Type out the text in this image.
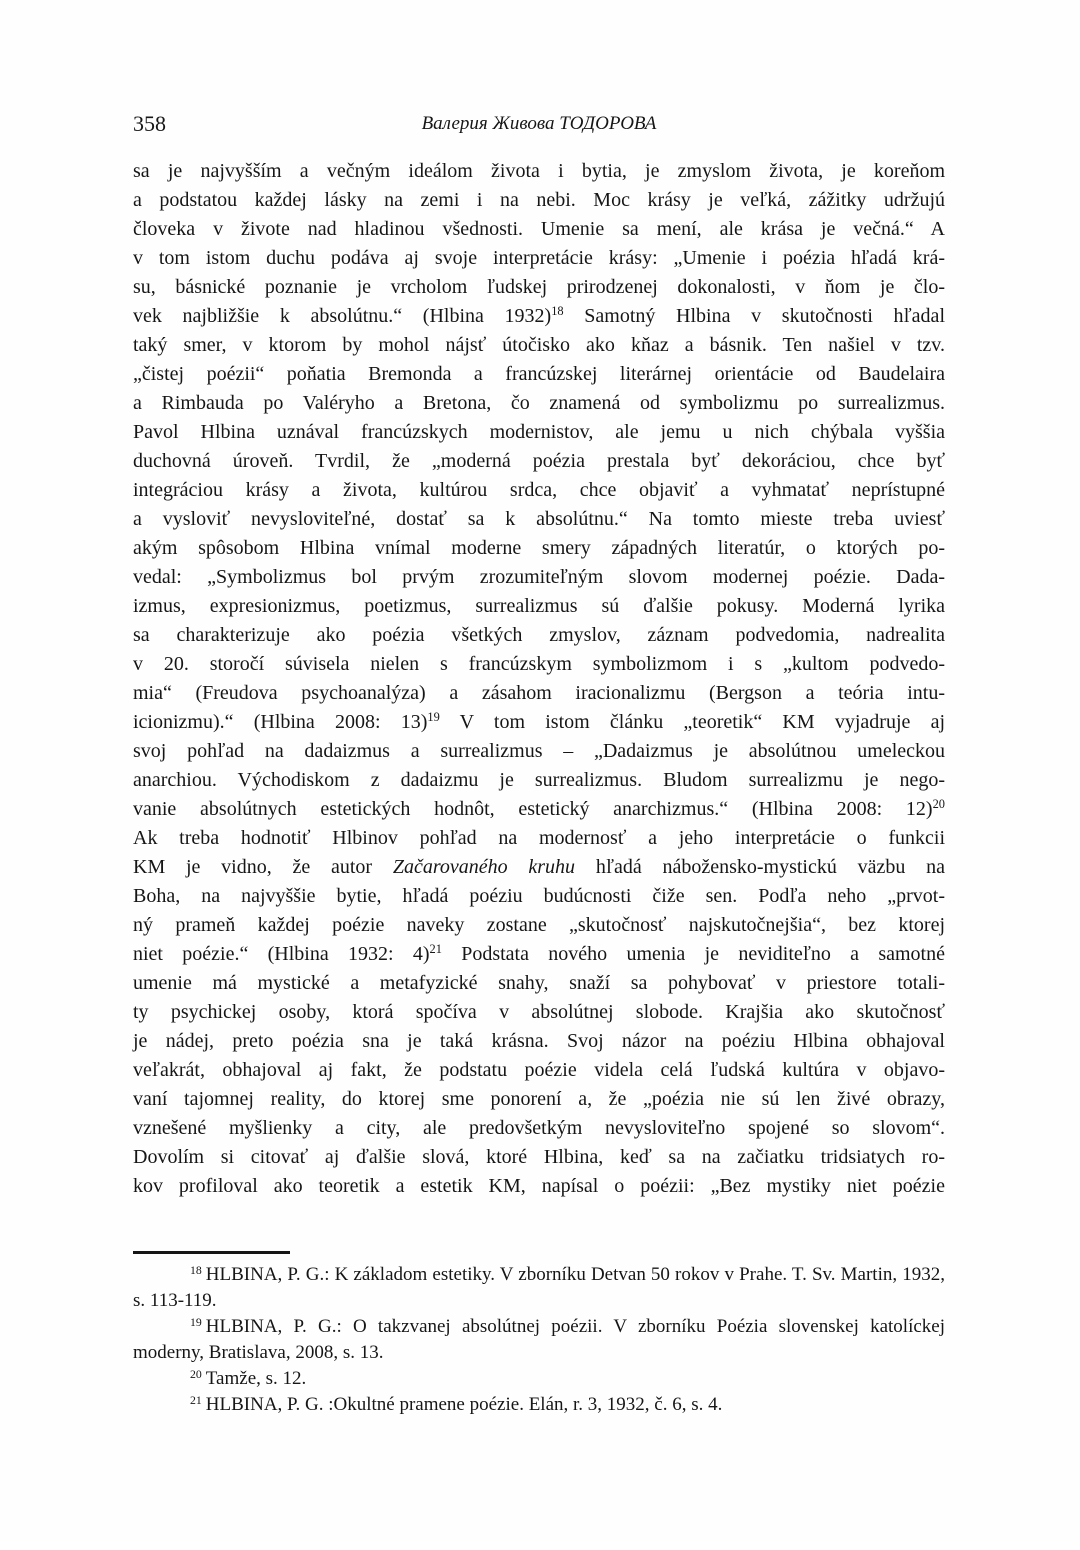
358	Валерия Живова ТОДОРОВА
sa je najvyšším a večným ideálom života i bytia, je zmyslom života, je koreňom
a podstatou každej lásky na zemi i na nebi. Moc krásy je veľká, zážitky udržujú
človeka v živote nad hladinou všednosti. Umenie sa mení, ale krása je večná.“ A
v tom istom duchu podáva aj svoje interpretácie krásy: „Umenie i poézia hľadá krá-
su, básnické poznanie je vrcholom ľudskej prirodzenej dokonalosti, v ňom je člo-
vek najbližšie k absolútnu.“ (Hlbina 1932)$^{18}$ Samotný Hlbina v skutočnosti hľadal
taký smer, v ktorom by mohol nájsť útočisko ako kňaz a básnik. Ten našiel v tzv.
„čistej poézii“ poňatia Bremonda a francúzskej literárnej orientácie od Baudelaira
a Rimbauda po Valéryho a Bretona, čo znamená od symbolizmu po surrealizmus.
Pavol Hlbina uznával francúzskych modernistov, ale jemu u nich chýbala vyššia
duchovná úroveň. Tvrdil, že „moderná poézia prestala byť dekoráciou, chce byť
integráciou krásy a života, kultúrou srdca, chce objaviť a vyhmatať neprístupné
a vysloviť nevysloviteľné, dostať sa k absolútnu.“ Na tomto mieste treba uviesť
akým spôsobom Hlbina vnímal moderne smery západných literatúr, o ktorých po-
vedal: „Symbolizmus bol prvým zrozumiteľným slovom modernej poézie. Dada-
izmus, expresionizmus, poetizmus, surrealizmus sú ďalšie pokusy. Moderná lyrika
sa charakterizuje ako poézia všetkých zmyslov, záznam podvedomia, nadrealita
v 20. storočí súvisela nielen s francúzskym symbolizmom i s „kultom podvedo-
mia“ (Freudova psychoanalýza) a zásahom iracionalizmu (Bergson a teória intu-
icionizmu).“ (Hlbina 2008: 13)$^{19}$ V tom istom článku „teoretik“ KM vyjadruje aj
svoj pohľad na dadaizmus a surrealizmus – „Dadaizmus je absolútnou umeleckou
anarchiou. Východiskom z dadaizmu je surrealizmus. Bludom surrealizmu je nego-
vanie absolútnych estetických hodnôt, estetický anarchizmus.“ (Hlbina 2008: 12)$^{20}$
Ak treba hodnotiť Hlbinov pohľad na modernosť a jeho interpretácie o funkcii
KM je vidno, že autor Začarovaného kruhu hľadá nábožensko-mystickú väzbu na
Boha, na najvyššie bytie, hľadá poéziu budúcnosti čiže sen. Podľa neho „prvot-
ný prameň každej poézie naveky zostane „skutočnosť najskutočnejšia“, bez ktorej
niet poézie.“ (Hlbina 1932: 4)$^{21}$ Podstata nového umenia je neviditeľno a samotné
umenie má mystické a metafyzické snahy, snaží sa pohybovať v priestore totali-
ty psychickej osoby, ktorá spočíva v absolútnej slobode. Krajšia ako skutočnosť
je nádej, preto poézia sna je taká krásna. Svoj názor na poéziu Hlbina obhajoval
veľakrát, obhajoval aj fakt, že podstatu poézie videla celá ľudská kultúra v objavo-
vaní tajomnej reality, do ktorej sme ponorení a, že „poézia nie sú len živé obrazy,
vznešené myšlienky a city, ale predovšetkým nevysloviteľno spojené so slovom“.
Dovolím si citovať aj ďalšie slová, ktoré Hlbina, keď sa na začiatku tridsiatych ro-
kov profiloval ako teoretik a estetik KM, napísal o poézii: „Bez mystiky niet poézie

$^{18}$ HLBINA, P. G.: K základom estetiky. V zborníku Detvan 50 rokov v Prahe. T. Sv. Martin, 1932, s. 113-119.

$^{19}$ HLBINA, P. G.: O takzvanej absolútnej poézii. V zborníku Poézia slovenskej katolíckej moderny, Bratislava, 2008, s. 13.

$^{20}$ Tamže, s. 12.

$^{21}$ HLBINA, P. G. :Okultné pramene poézie. Elán, r. 3, 1932, č. 6, s. 4.
